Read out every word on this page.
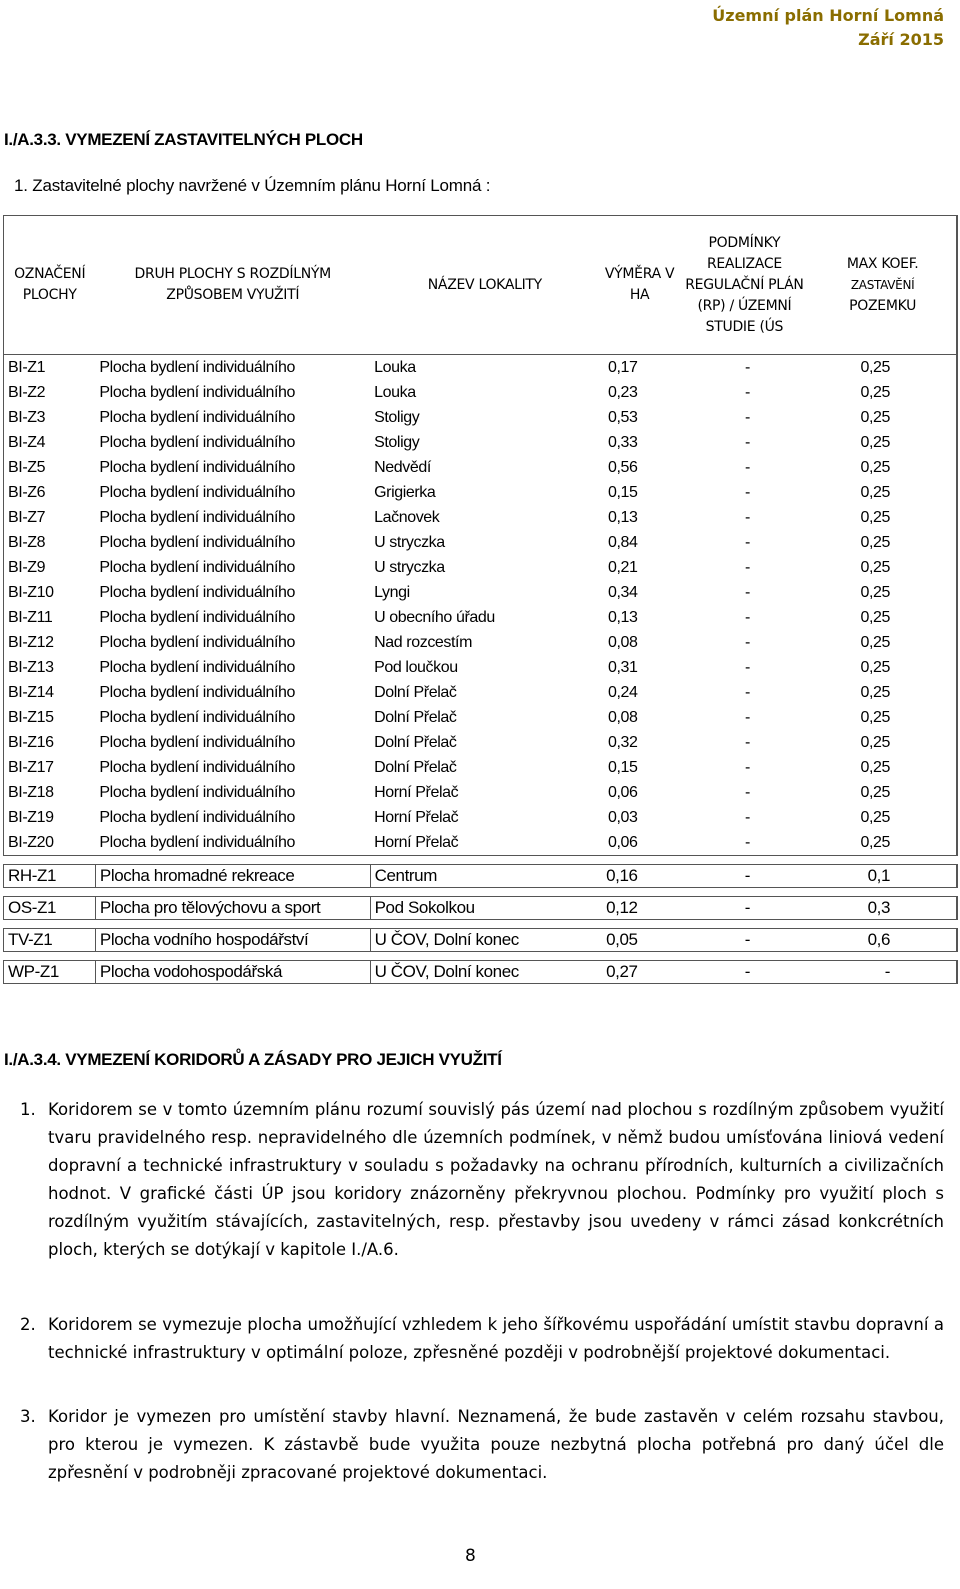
Územní plán Horní Lomná
Září 2015
I./A.3.3. VYMEZENÍ ZASTAVITELNÝCH PLOCH
1. Zastavitelné plochy navržené v Územním plánu Horní Lomná :
OZNAČENÍ PLOCHY	DRUH PLOCHY S ROZDÍLNÝM ZPŮSOBEM VYUŽITÍ	NÁZEV LOKALITY	VÝMĚRA V HA	PODMÍNKY REALIZACE REGULAČNÍ PLÁN (RP) / ÚZEMNÍ STUDIE (ÚS	MAX KOEF.
ZASTAVĚNÍ
POZEMKU

BI-Z1	Plocha bydlení individuálního	Louka	0,17	-	0,25
BI-Z2	Plocha bydlení individuálního	Louka	0,23	-	0,25
BI-Z3	Plocha bydlení individuálního	Stoligy	0,53	-	0,25
BI-Z4	Plocha bydlení individuálního	Stoligy	0,33	-	0,25
BI-Z5	Plocha bydlení individuálního	Nedvědí	0,56	-	0,25
BI-Z6	Plocha bydlení individuálního	Grigierka	0,15	-	0,25
BI-Z7	Plocha bydlení individuálního	Lačnovek	0,13	-	0,25
BI-Z8	Plocha bydlení individuálního	U stryczka	0,84	-	0,25
BI-Z9	Plocha bydlení individuálního	U stryczka	0,21	-	0,25
BI-Z10	Plocha bydlení individuálního	Lyngi	0,34	-	0,25
BI-Z11	Plocha bydlení individuálního	U obecního úřadu	0,13	-	0,25
BI-Z12	Plocha bydlení individuálního	Nad rozcestím	0,08	-	0,25
BI-Z13	Plocha bydlení individuálního	Pod loučkou	0,31	-	0,25
BI-Z14	Plocha bydlení individuálního	Dolní Přelač	0,24	-	0,25
BI-Z15	Plocha bydlení individuálního	Dolní Přelač	0,08	-	0,25
BI-Z16	Plocha bydlení individuálního	Dolní Přelač	0,32	-	0,25
BI-Z17	Plocha bydlení individuálního	Dolní Přelač	0,15	-	0,25
BI-Z18	Plocha bydlení individuálního	Horní Přelač	0,06	-	0,25
BI-Z19	Plocha bydlení individuálního	Horní Přelač	0,03	-	0,25
BI-Z20	Plocha bydlení individuálního	Horní Přelač	0,06	-	0,25

RH-Z1	Plocha hromadné rekreace	Centrum	0,16	-	0,1

OS-Z1	Plocha pro tělovýchovu a sport	Pod Sokolkou	0,12	-	0,3

TV-Z1	Plocha vodního hospodářství	U ČOV, Dolní konec	0,05	-	0,6

WP-Z1	Plocha vodohospodářská	U ČOV, Dolní konec	0,27	-	-
I./A.3.4. VYMEZENÍ KORIDORŮ A ZÁSADY PRO JEJICH VYUŽITÍ
1. Koridorem se v tomto územním plánu rozumí souvislý pás území nad plochou s rozdílným způsobem využití tvaru pravidelného resp. nepravidelného dle územních podmínek, v němž budou umísťována liniová vedení dopravní a technické infrastruktury v souladu s požadavky na ochranu přírodních, kulturních a civilizačních hodnot. V grafické části ÚP jsou koridory znázorněny překryvnou plochou. Podmínky pro využití ploch s rozdílným využitím stávajících, zastavitelných, resp. přestavby jsou uvedeny v rámci zásad konkcrétních ploch, kterých se dotýkají v kapitole I./A.6.
2. Koridorem se vymezuje plocha umožňující vzhledem k jeho šířkovému uspořádání umístit stavbu dopravní a technické infrastruktury v optimální poloze, zpřesněné později v podrobnější projektové dokumentaci.
3. Koridor je vymezen pro umístění stavby hlavní. Neznamená, že bude zastavěn v celém rozsahu stavbou, pro kterou je vymezen. K zástavbě bude využita pouze nezbytná plocha potřebná pro daný účel dle zpřesnění v podrobněji zpracované projektové dokumentaci.
8
